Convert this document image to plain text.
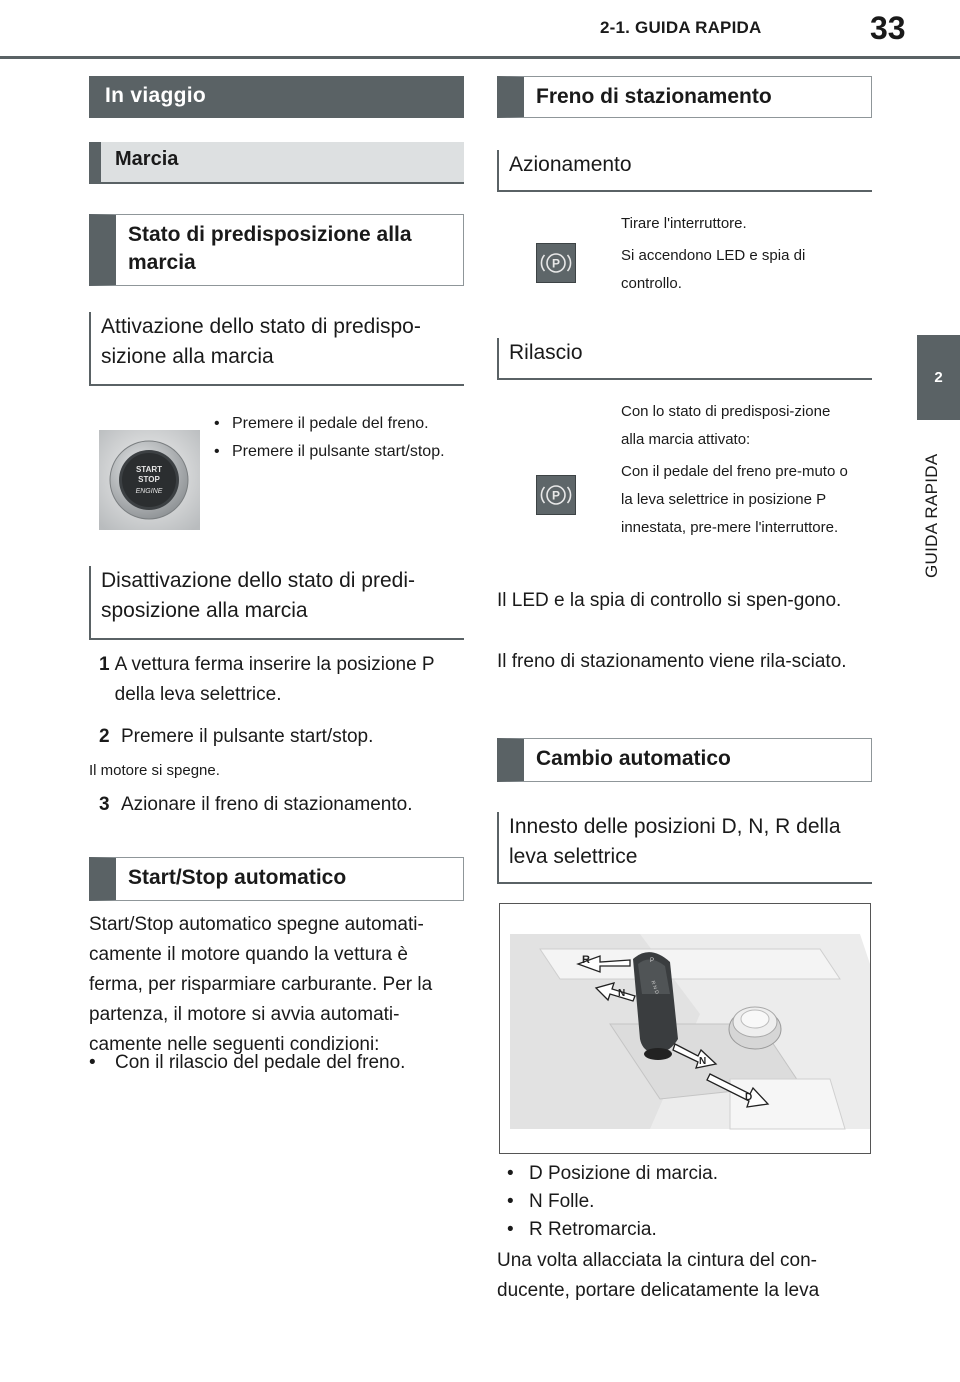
2-1. GUIDA RAPIDA	33
2
GUIDA RAPIDA
In viaggio
Marcia
Stato di predisposizione alla marcia
Attivazione dello stato di predispo-sizione alla marcia
START
STOP
ENGINE
• Premere il pedale del freno.
• Premere il pulsante start/stop.
Disattivazione dello stato di predi-sposizione alla marcia
1 A vettura ferma inserire la posizione P della leva selettrice.
2 Premere il pulsante start/stop.
Il motore si spegne.
3 Azionare il freno di stazionamento.
Start/Stop automatico
Start/Stop automatico spegne automati-camente il motore quando la vettura è ferma, per risparmiare carburante. Per la partenza, il motore si avvia automati-camente nelle seguenti condizioni:
•	Con il rilascio del pedale del freno.
Freno di stazionamento
Azionamento
P
Tirare l'interruttore.
Si accendono LED e spia di controllo.
Rilascio
P
Con lo stato di predisposi-zione alla marcia attivato:
Con il pedale del freno pre-muto o la leva selettrice in posizione P innestata, pre-mere l'interruttore.
Il LED e la spia di controllo si spen-gono.
Il freno di stazionamento viene rila-sciato.
Cambio automatico
Innesto delle posizioni D, N, R della leva selettrice
P
R N D
R
N
N
D
• D Posizione di marcia.
• N Folle.
• R Retromarcia.
Una volta allacciata la cintura del con-ducente, portare delicatamente la leva
